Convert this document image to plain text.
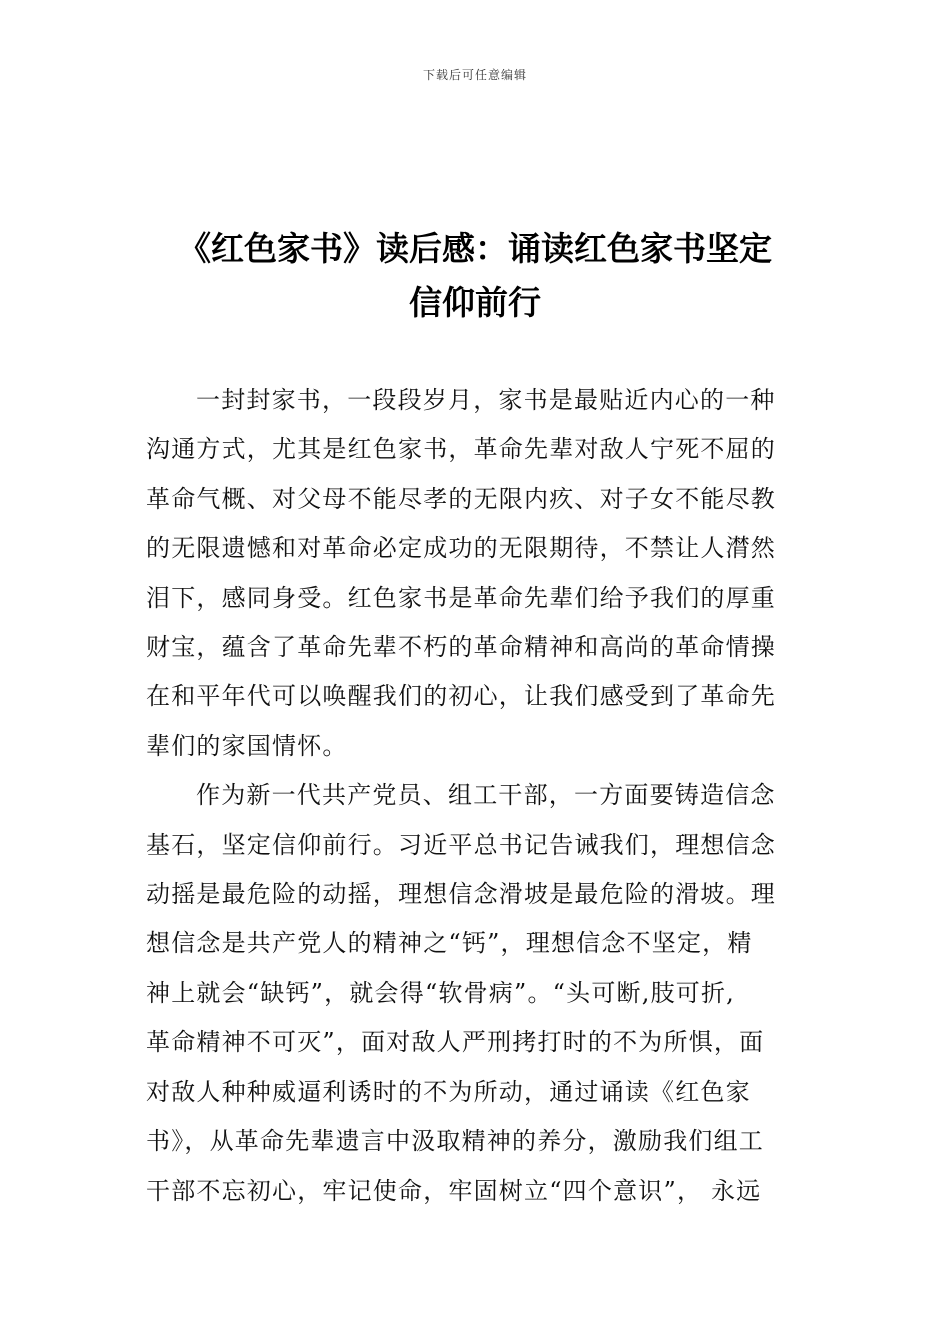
下载后可任意编辑
《红色家书》读后感：诵读红色家书坚定
信仰前行

一封封家书，一段段岁月，家书是最贴近内心的一种
沟通方式，尤其是红色家书，革命先辈对敌人宁死不屈的
革命气概、对父母不能尽孝的无限内疚、对子女不能尽教
的无限遗憾和对革命必定成功的无限期待，不禁让人潸然
泪下，感同身受。红色家书是革命先辈们给予我们的厚重
财宝，蕴含了革命先辈不朽的革命精神和高尚的革命情操
在和平年代可以唤醒我们的初心，让我们感受到了革命先
辈们的家国情怀。

作为新一代共产党员、组工干部，一方面要铸造信念
基石，坚定信仰前行。习近平总书记告诫我们，理想信念
动摇是最危险的动摇，理想信念滑坡是最危险的滑坡。理
想信念是共产党人的精神之“钙”，理想信念不坚定，精
神上就会“缺钙”，就会得“软骨病”。“头可断,肢可折,
革命精神不可灭”，面对敌人严刑拷打时的不为所惧，面
对敌人种种威逼利诱时的不为所动，通过诵读《红色家
书》，从革命先辈遗言中汲取精神的养分，激励我们组工
干部不忘初心，牢记使命，牢固树立“四个意识”， 永远
